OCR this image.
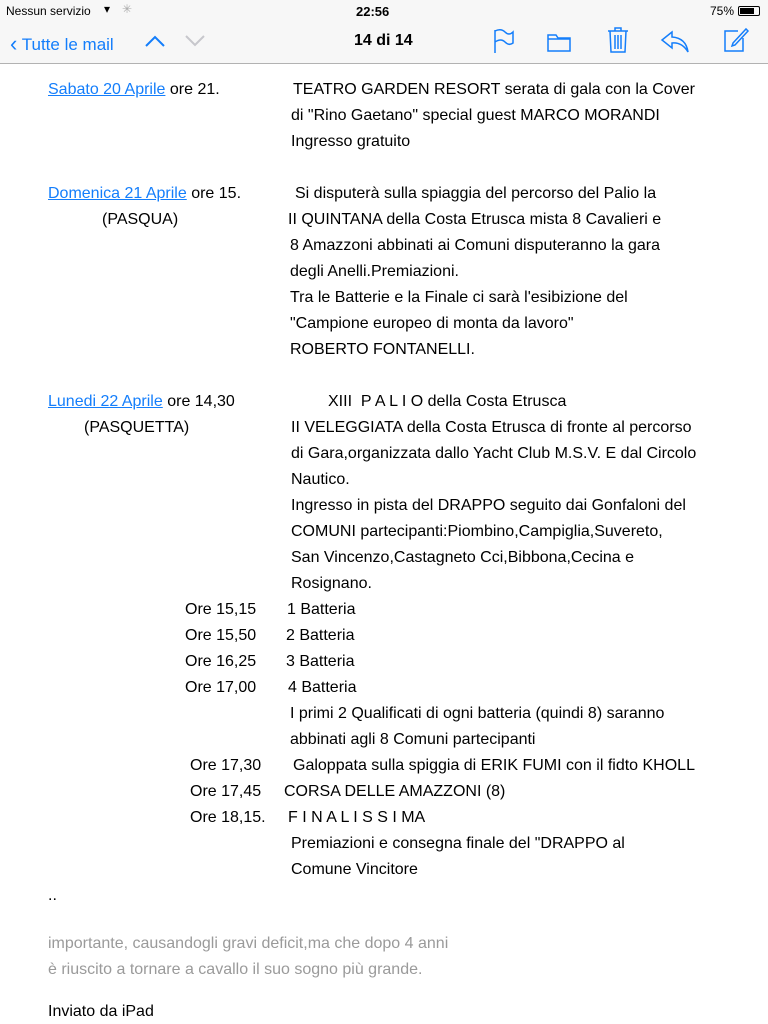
Nessun servizio ▾ ✳	22:56	75%
‹ Tutte le mail	14 di 14
Sabato 20 Aprile ore 21.	TEATRO GARDEN RESORT serata di gala con la Cover
di "Rino Gaetano" special guest MARCO MORANDI
Ingresso gratuito
Domenica 21 Aprile ore 15.
(PASQUA)
Si disputerà sulla spiaggia del percorso del Palio la
II QUINTANA della Costa Etrusca mista 8 Cavalieri e
8 Amazzoni abbinati ai Comuni disputeranno la gara
degli Anelli.Premiazioni.
Tra le Batterie e la Finale ci sarà l'esibizione del
"Campione europeo di monta da lavoro"
ROBERTO FONTANELLI.
Lunedi 22 Aprile ore 14,30
(PASQUETTA)
XIII  P A L I O della Costa Etrusca
II VELEGGIATA della Costa Etrusca di fronte al percorso
di Gara,organizzata dallo Yacht Club M.S.V. E dal Circolo
Nautico.
Ingresso in pista del DRAPPO seguito dai Gonfaloni del
COMUNI partecipanti:Piombino,Campiglia,Suvereto,
San Vincenzo,Castagneto Cci,Bibbona,Cecina e
Rosignano.
Ore 15,15 1 Batteria
Ore 15,50 2 Batteria
Ore 16,25 3 Batteria
Ore 17,00 4 Batteria
I primi 2 Qualificati di ogni batteria (quindi 8) saranno
abbinati agli 8 Comuni partecipanti
Ore 17,30 Galoppata sulla spiggia di ERIK FUMI con il fidto KHOLL
Ore 17,45 CORSA DELLE AMAZZONI (8)
Ore 18,15. F I N A L I S S I MA
Premiazioni e consegna finale del "DRAPPO al
Comune Vincitore
..
importante, causandogli gravi deficit,ma che dopo 4 anni
è riuscito a tornare a cavallo il suo sogno più grande.
Inviato da iPad
